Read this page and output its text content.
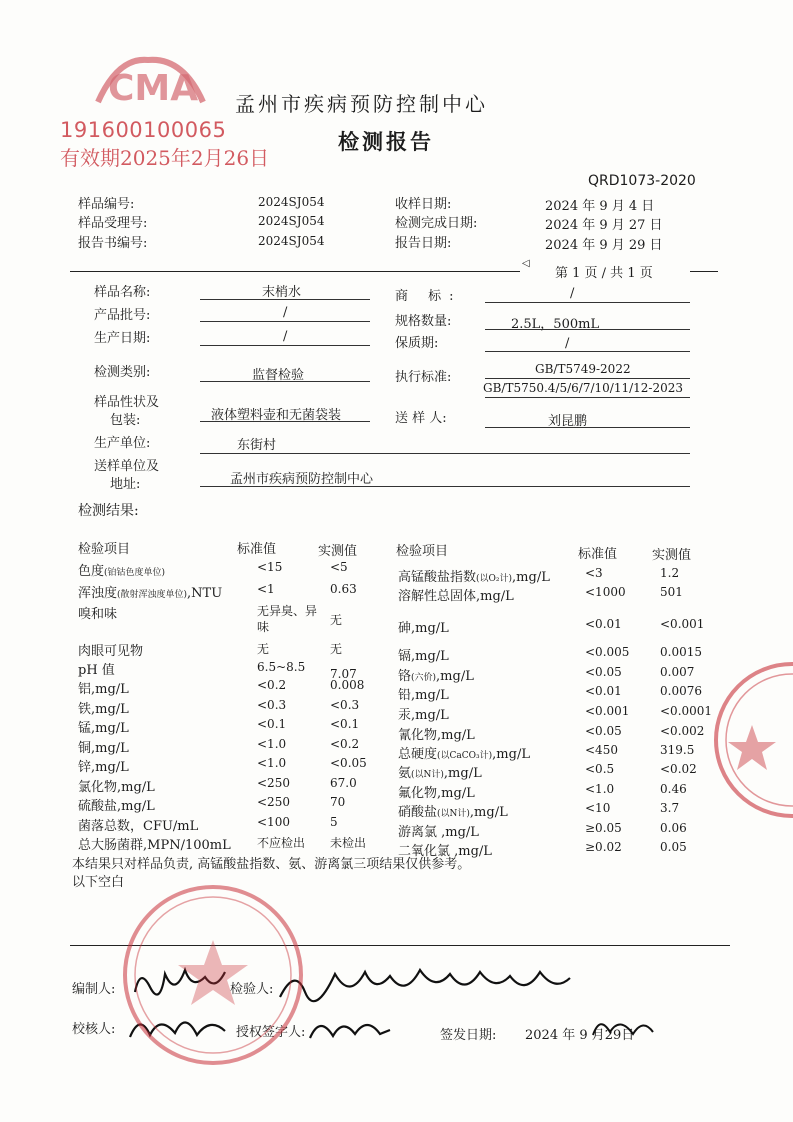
CMA
191600100065
有效期2025年2月26日
孟州市疾病预防控制中心
检测报告
QRD1073-2020
样品编号:	2024SJ054
样品受理号:	2024SJ054
报告书编号:	2024SJ054
收样日期:	2024 年 9 月 4 日
检测完成日期:	2024 年 9 月 27 日
报告日期:	2024 年 9 月 29 日
第 1 页 / 共 1 页
◁
样品名称:	末梢水	商 标:	/
产品批号:	/
规格数量:	2.5L，500mL
生产日期:	/	保质期:	/
检测类别:	监督检验	执行标准:
GB/T5749-2022
GB/T5750.4/5/6/7/10/11/12-2023
样品性状及
包装:	液体塑料壶和无菌袋装	送 样 人:	刘昆鹏
生产单位:	东街村
送样单位及
地址:	孟州市疾病预防控制中心
检测结果:
检验项目	标准值	实测值	检验项目	标准值	实测值
色度(铂钴色度单位)	<15	<5
浑浊度(散射浑浊度单位),NTU	<1	0.63
嗅和味	无异臭、异味	无
肉眼可见物	无	无
pH 值	6.5~8.5	7.07
铝,mg/L	<0.2	0.008
铁,mg/L	<0.3	<0.3
锰,mg/L	<0.1	<0.1
铜,mg/L	<1.0	<0.2
锌,mg/L	<1.0	<0.05
氯化物,mg/L	<250	67.0
硫酸盐,mg/L	<250	70
菌落总数，CFU/mL	<100	5
总大肠菌群,MPN/100mL 不应检出 未检出
高锰酸盐指数(以O₂计),mg/L	<3	1.2
溶解性总固体,mg/L	<1000	501
砷,mg/L	<0.01	<0.001
镉,mg/L	<0.005	0.0015
铬(六价),mg/L	<0.05	0.007
铅,mg/L	<0.01	0.0076
汞,mg/L	<0.001	<0.0001
氰化物,mg/L	<0.05	<0.002
总硬度(以CaCO₃计),mg/L	<450	319.5
氨(以N计),mg/L	<0.5	<0.02
氟化物,mg/L	<1.0	0.46
硝酸盐(以N计),mg/L	<10	3.7
游离氯 ,mg/L	≥0.05	0.06
二氧化氯 ,mg/L	≥0.02	0.05
本结果只对样品负责, 高锰酸盐指数、氨、游离氯三项结果仅供参考。
以下空白
编制人:	检验人:
校核人:	授权签字人:	签发日期: 2024 年 9 月29日
